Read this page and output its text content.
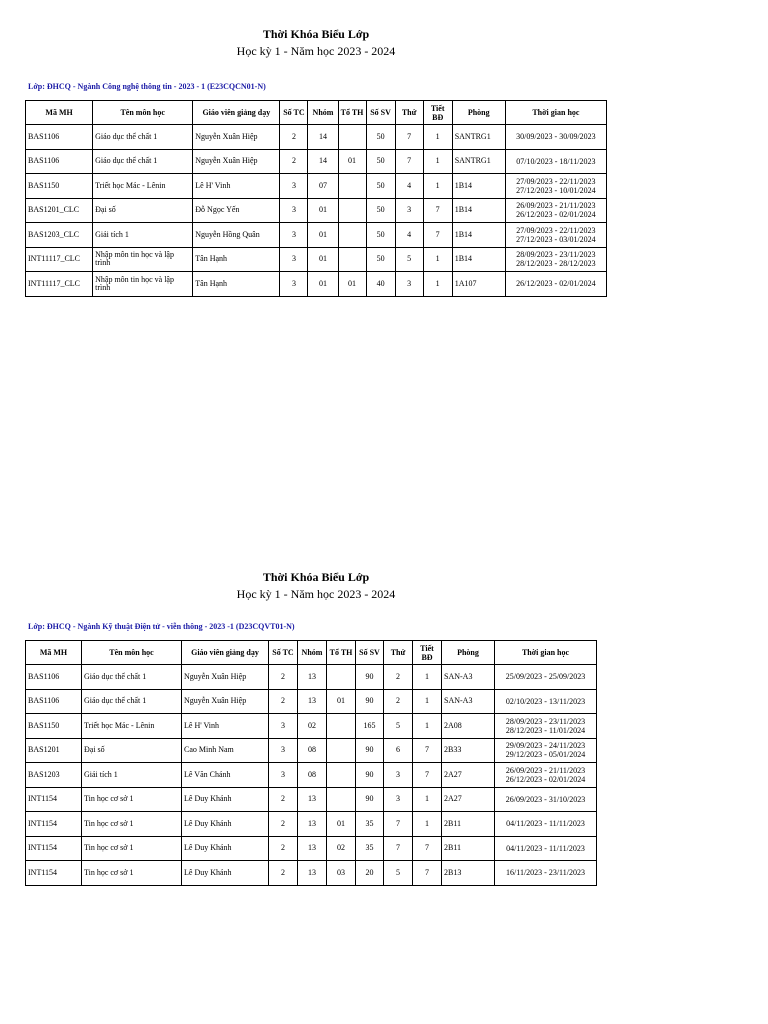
Thời Khóa Biểu Lớp
Học kỳ 1 - Năm học 2023 - 2024
Lớp: ĐHCQ - Ngành Công nghệ thông tin - 2023 - 1 (E23CQCN01-N)
Mã MH	Tên môn học	Giáo viên giảng dạy	Số TC	Nhóm	Tổ TH	Số SV	Thứ	Tiết BĐ	Phòng	Thời gian học
BAS1106	Giáo dục thể chất 1	Nguyễn Xuân Hiệp	2	14		50	7	1	SANTRG1	30/09/2023 - 30/09/2023

BAS1106	Giáo dục thể chất 1	Nguyễn Xuân Hiệp	2	14	01	50	7	1	SANTRG1	07/10/2023 - 18/11/2023

BAS1150	Triết học Mác - Lênin	Lê H' Vinh	3	07		50	4	1	1B14	27/09/2023 - 22/11/2023
27/12/2023 - 10/01/2024

BAS1201_CLC	Đại số	Đỗ Ngọc Yến	3	01		50	3	7	1B14	26/09/2023 - 21/11/2023
26/12/2023 - 02/01/2024

BAS1203_CLC	Giải tích 1	Nguyễn Hồng Quân	3	01		50	4	7	1B14	27/09/2023 - 22/11/2023
27/12/2023 - 03/01/2024

INT11117_CLC	Nhập môn tin học và lập trình	Tân Hạnh	3	01		50	5	1	1B14	28/09/2023 - 23/11/2023
28/12/2023 - 28/12/2023

INT11117_CLC	Nhập môn tin học và lập trình	Tân Hạnh	3	01	01	40	3	1	1A107	26/12/2023 - 02/01/2024
Thời Khóa Biểu Lớp
Học kỳ 1 - Năm học 2023 - 2024
Lớp: ĐHCQ - Ngành Kỹ thuật Điện tử - viễn thông - 2023 -1 (D23CQVT01-N)
Mã MH	Tên môn học	Giáo viên giảng dạy	Số TC	Nhóm	Tổ TH	Số SV	Thứ	Tiết BĐ	Phòng	Thời gian học
BAS1106	Giáo dục thể chất 1	Nguyễn Xuân Hiệp	2	13		90	2	1	SAN-A3	25/09/2023 - 25/09/2023

BAS1106	Giáo dục thể chất 1	Nguyễn Xuân Hiệp	2	13	01	90	2	1	SAN-A3	02/10/2023 - 13/11/2023

BAS1150	Triết học Mác - Lênin	Lê H' Vinh	3	02		165	5	1	2A08	28/09/2023 - 23/11/2023
28/12/2023 - 11/01/2024

BAS1201	Đại số	Cao Minh Nam	3	08		90	6	7	2B33	29/09/2023 - 24/11/2023
29/12/2023 - 05/01/2024

BAS1203	Giải tích 1	Lê Văn Chánh	3	08		90	3	7	2A27	26/09/2023 - 21/11/2023
26/12/2023 - 02/01/2024

INT1154	Tin học cơ sở 1	Lê Duy Khánh	2	13		90	3	1	2A27	26/09/2023 - 31/10/2023

INT1154	Tin học cơ sở 1	Lê Duy Khánh	2	13	01	35	7	1	2B11	04/11/2023 - 11/11/2023

INT1154	Tin học cơ sở 1	Lê Duy Khánh	2	13	02	35	7	7	2B11	04/11/2023 - 11/11/2023

INT1154	Tin học cơ sở 1	Lê Duy Khánh	2	13	03	20	5	7	2B13	16/11/2023 - 23/11/2023
